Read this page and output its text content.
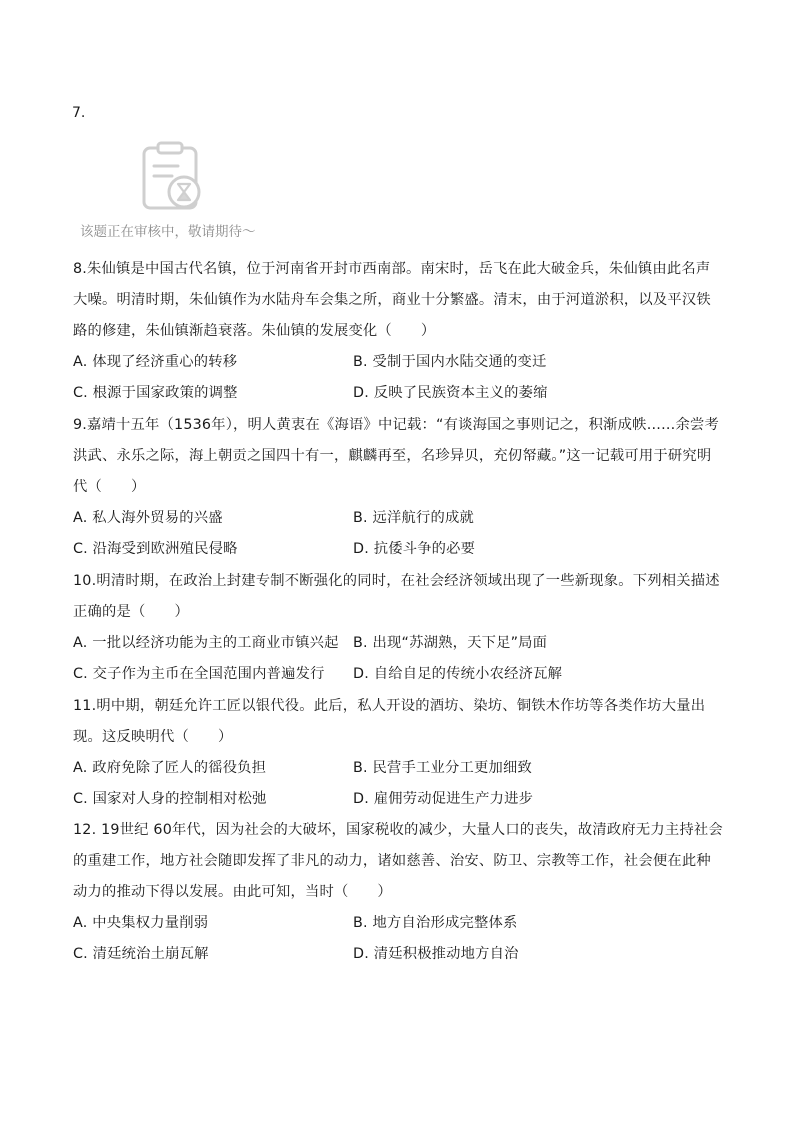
7.
该题正在审核中，敬请期待～

8.朱仙镇是中国古代名镇，位于河南省开封市西南部。南宋时，岳飞在此大破金兵，朱仙镇由此名声大噪。明清时期，朱仙镇作为水陆舟车会集之所，商业十分繁盛。清末，由于河道淤积，以及平汉铁路的修建，朱仙镇渐趋衰落。朱仙镇的发展变化（　　）

A. 体现了经济重心的转移	B. 受制于国内水陆交通的变迁
C. 根源于国家政策的调整	D. 反映了民族资本主义的萎缩

9.嘉靖十五年（1536年），明人黄衷在《海语》中记载：“有谈海国之事则记之，积渐成帙……余尝考洪武、永乐之际，海上朝贡之国四十有一，麒麟再至，名珍异贝，充仞帑藏。”这一记载可用于研究明代（　　）

A. 私人海外贸易的兴盛	B. 远洋航行的成就
C. 沿海受到欧洲殖民侵略	D. 抗倭斗争的必要

10.明清时期，在政治上封建专制不断强化的同时，在社会经济领域出现了一些新现象。下列相关描述正确的是（　　）

A. 一批以经济功能为主的工商业市镇兴起 B. 出现“苏湖熟，天下足”局面
C. 交子作为主币在全国范围内普遍发行 D. 自给自足的传统小农经济瓦解

11.明中期，朝廷允许工匠以银代役。此后，私人开设的酒坊、染坊、铜铁木作坊等各类作坊大量出现。这反映明代（　　）

A. 政府免除了匠人的徭役负担	B. 民营手工业分工更加细致
C. 国家对人身的控制相对松弛	D. 雇佣劳动促进生产力进步

12. 19世纪 60年代，因为社会的大破坏，国家税收的减少，大量人口的丧失，故清政府无力主持社会的重建工作，地方社会随即发挥了非凡的动力，诸如慈善、治安、防卫、宗教等工作，社会便在此种动力的推动下得以发展。由此可知，当时（　　）

A. 中央集权力量削弱	B. 地方自治形成完整体系
C. 清廷统治土崩瓦解	D. 清廷积极推动地方自治
